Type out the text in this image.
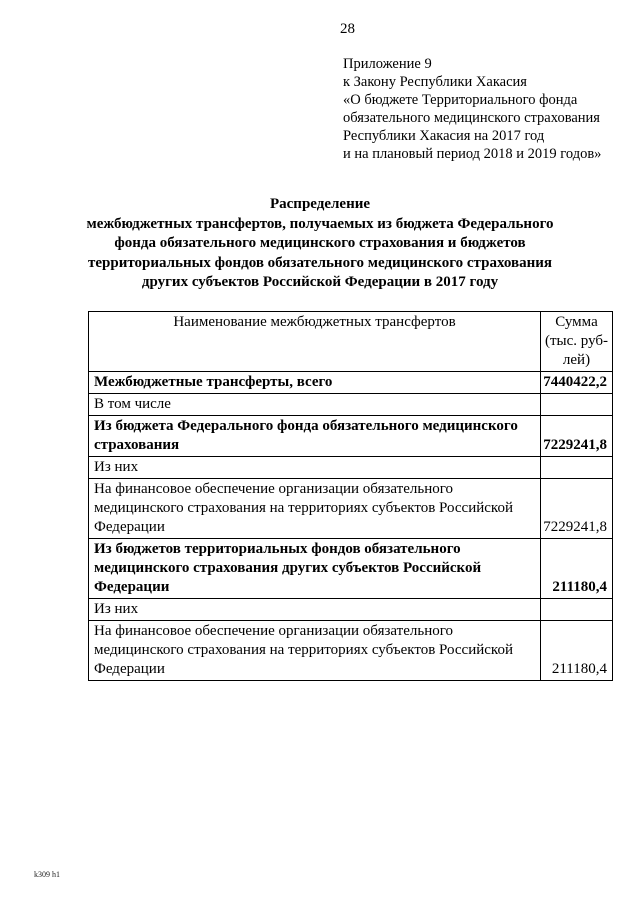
28
Приложение 9
к Закону Республики Хакасия
«О бюджете Территориального фонда
обязательного медицинского страхования
Республики Хакасия на 2017 год
и на плановый период 2018 и 2019 годов»
Распределение
межбюджетных трансфертов, получаемых из бюджета Федерального
фонда обязательного медицинского страхования и бюджетов
территориальных фондов обязательного медицинского страхования
других субъектов Российской Федерации в 2017 году
Наименование межбюджетных трансфертов	Сумма (тыс. руб-лей)
Межбюджетные трансферты, всего	7440422,2
В том числе	
Из бюджета Федерального фонда обязательного медицинского страхования	7229241,8
Из них	
На финансовое обеспечение организации обязательного медицинского страхования на территориях субъектов Российской Федерации	7229241,8
Из бюджетов территориальных фондов обязательного медицинского страхования других субъектов Российской Федерации	211180,4
Из них	
На финансовое обеспечение организации обязательного медицинского страхования на территориях субъектов Российской Федерации	211180,4
k309 h1
